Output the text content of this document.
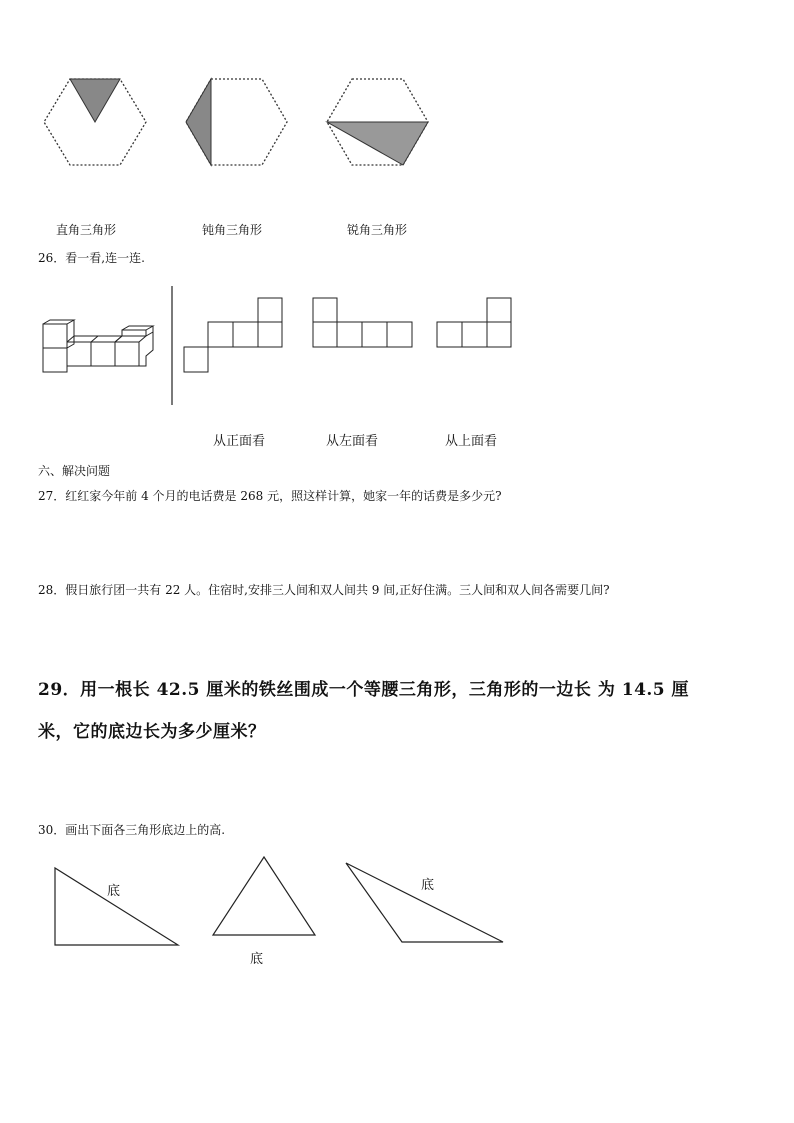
直角三角形	钝角三角形	锐角三角形
26．看一看,连一连.
从正面看	从左面看	从上面看
六、解决问题
27．红红家今年前 4 个月的电话费是 268 元，照这样计算，她家一年的话费是多少元?
28．假日旅行团一共有 22 人。住宿时,安排三人间和双人间共 9 间,正好住满。三人间和双人间各需要几间?
29．用一根长 42.5 厘米的铁丝围成一个等腰三角形，三角形的一边长 为 14.5 厘
米，它的底边长为多少厘米？
30．画出下面各三角形底边上的高.
底
底
底
